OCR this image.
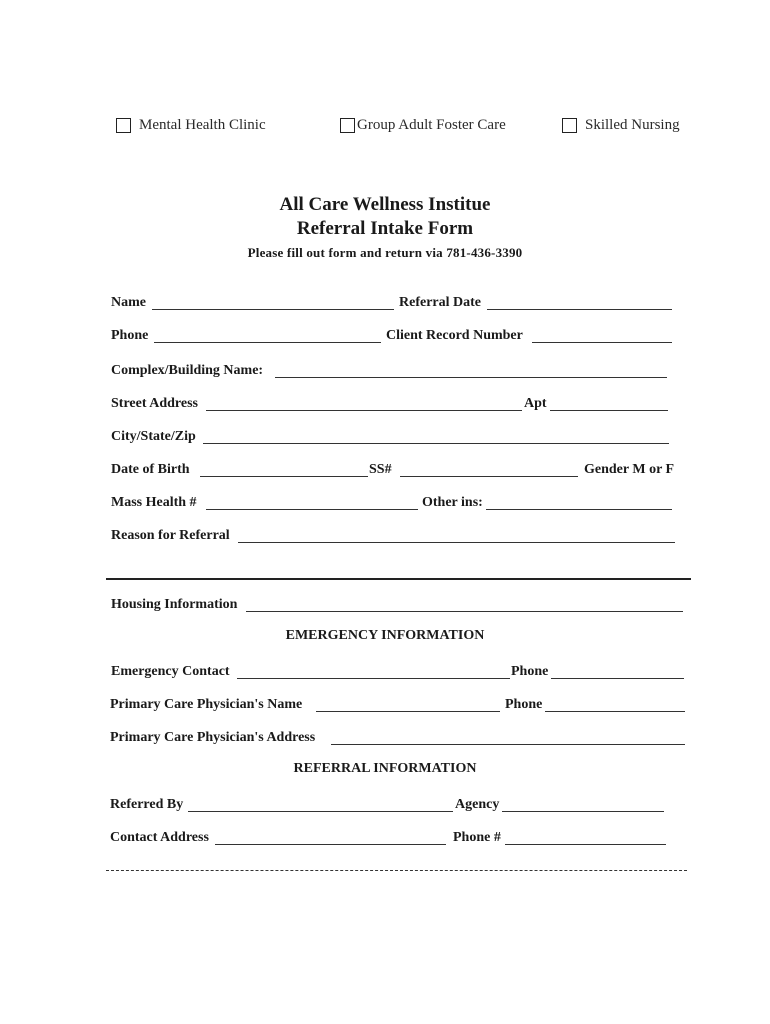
Mental Health Clinic	Group Adult Foster Care	Skilled Nursing
All Care Wellness Institue
Referral Intake Form
Please fill out form and return via 781-436-3390
Name	Referral Date
Phone	Client Record Number
Complex/Building Name:
Street Address	Apt
City/State/Zip
Date of Birth	SS#	Gender M or F
Mass Health #	Other ins:
Reason for Referral
Housing Information
EMERGENCY INFORMATION
Emergency Contact	Phone
Primary Care Physician's Name	Phone
Primary Care Physician's Address
REFERRAL INFORMATION
Referred By	Agency
Contact Address	Phone #
